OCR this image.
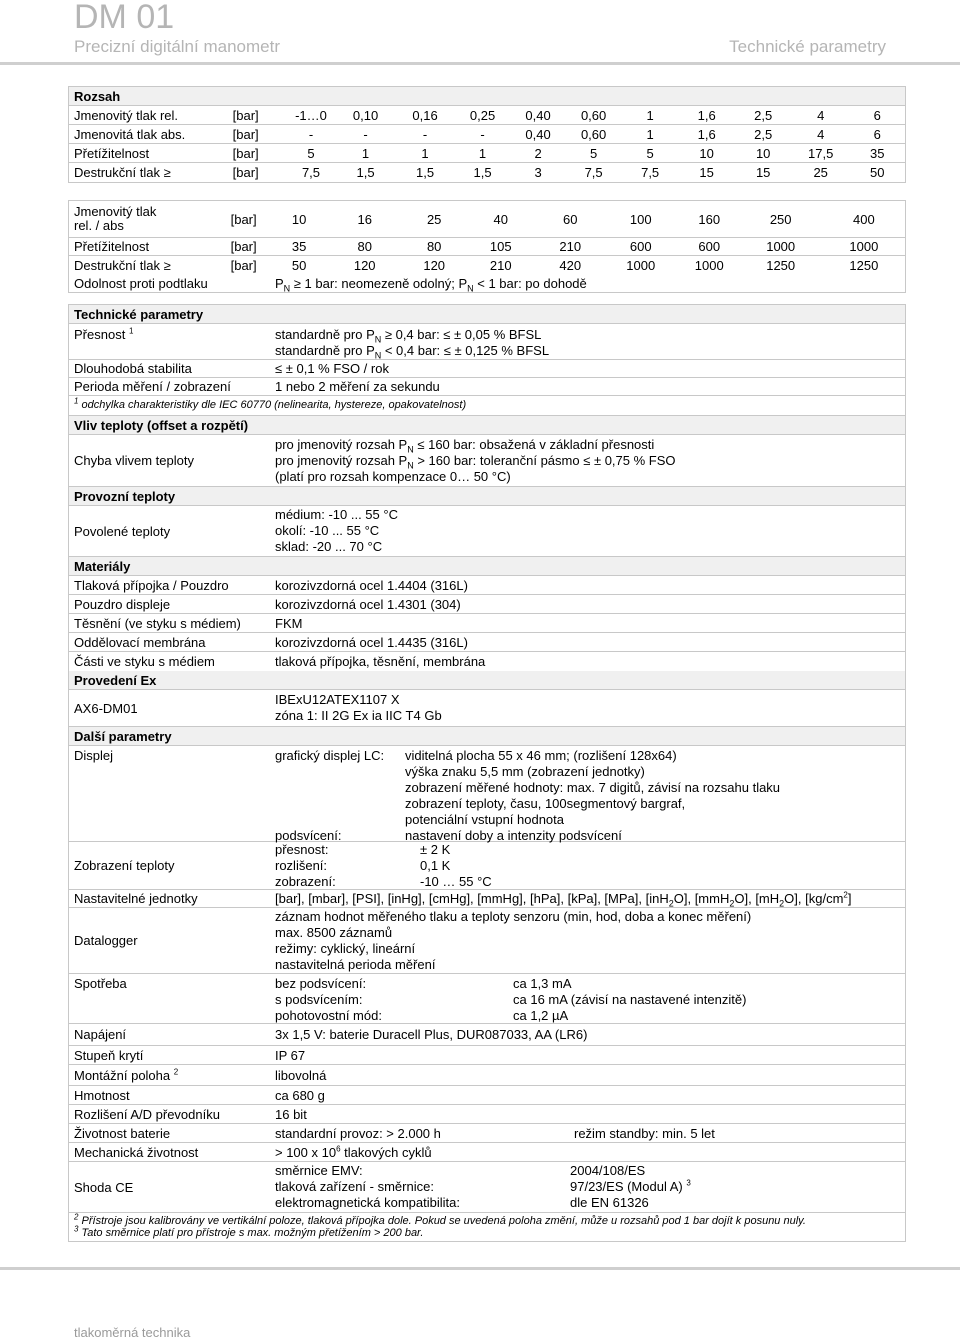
DM 01
Precizní digitální manometr	Technické parametry
Rozsah
Jmenovitý tlak rel.	[bar]	-1…0	0,10	0,16	0,25	0,40	0,60	1	1,6	2,5	4	6
Jmenovitá tlak abs.	[bar]	-	-	-	-	0,40	0,60	1	1,6	2,5	4	6
Přetížitelnost	[bar]	5	1	1	1	2	5	5	10	10	17,5	35
Destrukční tlak ≥	[bar]	7,5	1,5	1,5	1,5	3	7,5	7,5	15	15	25	50
Jmenovitý tlak
rel. / abs	[bar]	10	16	25	40	60	100	160	250	400
Přetížitelnost	[bar]	35	80	80	105	210	600	600	1000	1000
Destrukční tlak ≥	[bar]	50	120	120	210	420	1000	1000	1250	1250
Odolnost proti podtlaku	$P_N \ge 1$ bar: neomezeně odolný; $P_N < 1$ bar: po dohodě
Technické parametry
Přesnost $^1$	standardně pro $P_N \ge 0,4$ bar: ≤ ± 0,05 % BFSL
standardně pro $P_N < 0,4$ bar: ≤ ± 0,125 % BFSL
Dlouhodobá stabilita	≤ ± 0,1 % FSO / rok
Perioda měření / zobrazení	1 nebo 2 měření za sekundu
$^1$ odchylka charakteristiky dle IEC 60770 (nelinearita, hystereze, opakovatelnost)
Vliv teploty (offset a rozpětí)
Chyba vlivem teploty
pro jmenovitý rozsah $P_N \le 160$ bar: obsažená v základní přesnosti
pro jmenovitý rozsah $P_N > 160$ bar: toleranční pásmo ≤ ± 0,75 % FSO
(platí pro rozsah kompenzace 0… 50 °C)
Provozní teploty
Povolené teploty
médium: -10 ... 55 °C
okolí: -10 ... 55 °C
sklad: -20 ... 70 °C
Materiály
Tlaková přípojka / Pouzdro	korozivzdorná ocel 1.4404 (316L)
Pouzdro displeje	korozivzdorná ocel 1.4301 (304)
Těsnění (ve styku s médiem)	FKM
Oddělovací membrána	korozivzdorná ocel 1.4435 (316L)
Části ve styku s médiem	tlaková přípojka, těsnění, membrána
Provedení Ex
AX6-DM01
IBExU12ATEX1107 X
zóna 1: II 2G Ex ia IIC T4 Gb
Další parametry
Displej	grafický displej LC:	viditelná plocha 55 x 46 mm; (rozlišení 128x64)
výška znaku 5,5 mm (zobrazení jednotky)
zobrazení měřené hodnoty: max. 7 digitů, závisí na rozsahu tlaku
zobrazení teploty, času, 100segmentový bargraf,
potenciální vstupní hodnota
podsvícení:	nastavení doby a intenzity podsvícení
Zobrazení teploty
přesnost:	± 2 K
rozlišení:	0,1 K
zobrazení:	-10 … 55 °C
Nastavitelné jednotky	[bar], [mbar], [PSI], [inHg], [cmHg], [mmHg], [hPa], [kPa], [MPa], [inH$_2$O], [mmH$_2$O], $[mH_2O]$, $[kg/cm^2]$
Datalogger
záznam hodnot měřeného tlaku a teploty senzoru (min, hod, doba a konec měření)
max. 8500 záznamů
režimy: cyklický, lineární
nastavitelná perioda měření
Spotřeba	bez podsvícení:	ca 1,3 mA
s podsvícením:	ca 16 mA (závisí na nastavené intenzitě)
pohotovostní mód:	ca 1,2 µA
Napájení	3x 1,5 V: baterie Duracell Plus, DUR087033, AA (LR6)
Stupeň krytí	IP 67
Montážní poloha $^2$	libovolná
Hmotnost	ca 680 g
Rozlišení A/D převodníku	16 bit
Životnost baterie	standardní provoz: > 2.000 h	režim standby: min. 5 let
Mechanická životnost	> 100 x $10^6$ tlakových cyklů
Shoda CE
směrnice EMV:	2004/108/ES
tlaková zařízení - směrnice:	97/23/ES (Modul A) $^3$
elektromagnetická kompatibilita:	dle EN 61326
$^2$ Přístroje jsou kalibrovány ve vertikální poloze, tlaková přípojka dole. Pokud se uvedená poloha změní, může u rozsahů pod 1 bar dojít k posunu nuly.
$^3$ Tato směrnice platí pro přístroje s max. možným přetížením > 200 bar.
tlakoměrná technika
